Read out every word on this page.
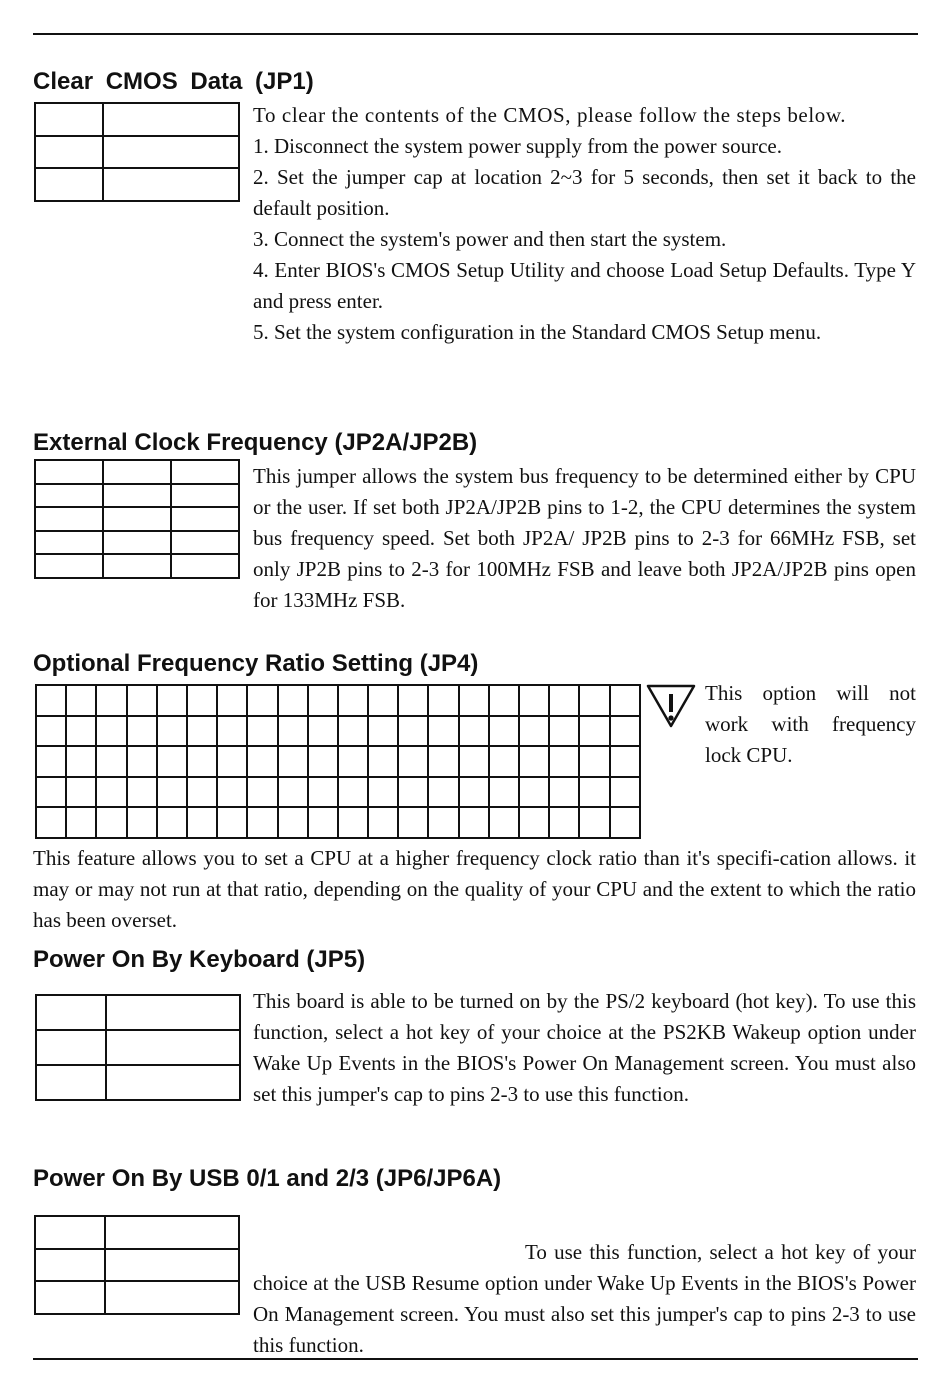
Clear CMOS Data (JP1)

To clear the contents of the CMOS, please follow the steps below.

1. Disconnect the system power supply from the power source.

2. Set the jumper cap at location 2~3 for 5 seconds, then set it back to the default position.

3. Connect the system's power and then start the system.

4. Enter BIOS's CMOS Setup Utility and choose Load Setup Defaults. Type Y and press enter.

5. Set the system configuration in the Standard CMOS Setup menu.

External Clock Frequency (JP2A/JP2B)

This jumper allows the system bus frequency to be determined either by CPU or the user. If set both JP2A/JP2B pins to 1-2, the CPU determines the system bus frequency speed. Set both JP2A/ JP2B pins to 2-3 for 66MHz FSB, set only JP2B pins to 2-3 for 100MHz FSB and leave both JP2A/JP2B pins open for 133MHz FSB.

Optional Frequency Ratio Setting (JP4)

This option will not work with frequency lock CPU.

This feature allows you to set a CPU at a higher frequency clock ratio than it's specifi-cation allows. it may or may not run at that ratio, depending on the quality of your CPU and the extent to which the ratio has been overset.

Power On By Keyboard (JP5)

This board is able to be turned on by the PS/2 keyboard (hot key). To use this function, select a hot key of your choice at the PS2KB Wakeup option under Wake Up Events in the BIOS's Power On Management screen. You must also set this jumper's cap to pins 2-3 to use this function.

Power On By USB 0/1 and 2/3 (JP6/JP6A)

To use this function, select a hot key of your choice at the USB Resume option under Wake Up Events in the BIOS's Power On Management screen. You must also set this jumper's cap to pins 2-3 to use this function.
